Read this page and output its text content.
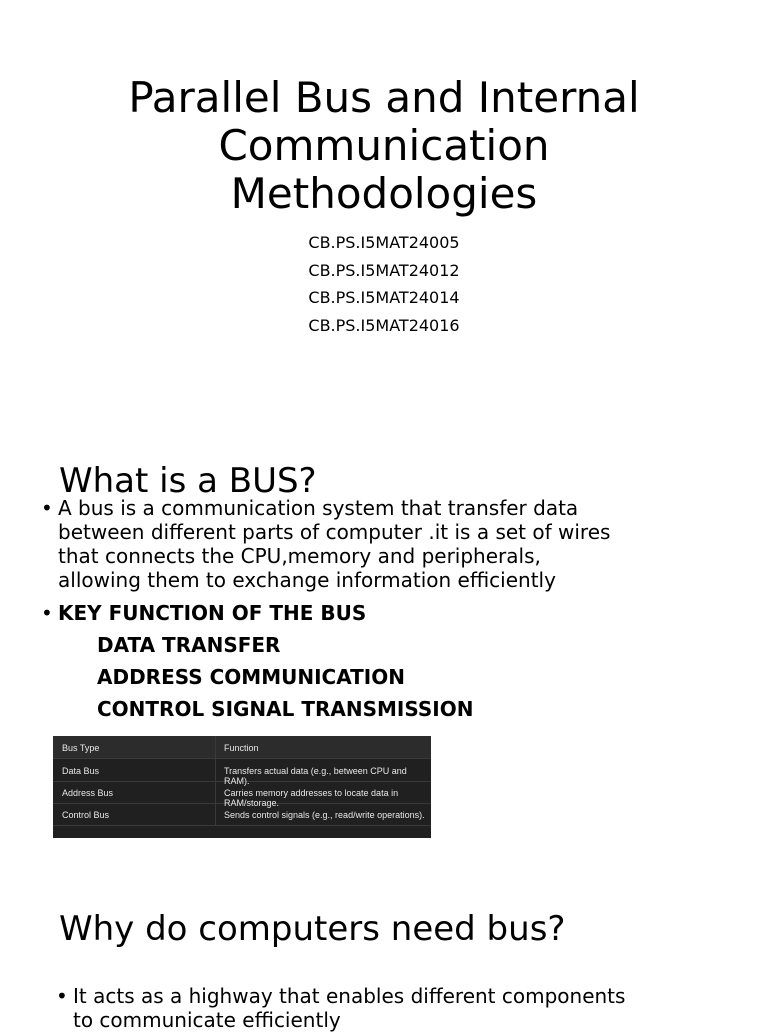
Parallel Bus and Internal
Communication
Methodologies
CB.PS.I5MAT24005
CB.PS.I5MAT24012
CB.PS.I5MAT24014
CB.PS.I5MAT24016
What is a BUS?
• A bus is a communication system that transfer data
between different parts of computer .it is a set of wires
that connects the CPU,memory and peripherals,
allowing them to exchange information efficiently
• KEY FUNCTION OF THE BUS
DATA TRANSFER
ADDRESS COMMUNICATION
CONTROL SIGNAL TRANSMISSION
Bus Type	Function
Data Bus	Transfers actual data (e.g., between CPU and RAM).
Address Bus	Carries memory addresses to locate data in RAM/storage.
Control Bus	Sends control signals (e.g., read/write operations).
Why do computers need bus?
• It acts as a highway that enables different components
to communicate efficiently
